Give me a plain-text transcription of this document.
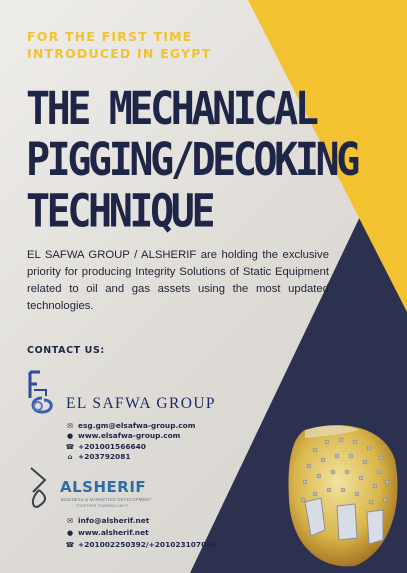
FOR THE FIRST TIME
INTRODUCED IN EGYPT
THE MECHANICAL
PIGGING/DECOKING
TECHNIQUE

EL SAFWA GROUP / ALSHERIF are holding the exclusive priority for producing Integrity Solutions of Static Equipment related to oil and gas assets using the most updated technologies.

CONTACT US:
EL SAFWA GROUP
✉ esg.gm@elsafwa-group.com
● www.elsafwa-group.com
☎ +201001566640
⌂ +203792081
ALSHERIF
BUSINESS & MARKETING DEVELOPMENT
TOGETHER TOWARDS UNITY
✉ info@alsherif.net
● www.alsherif.net
☎ +201002250392/+201023107066
